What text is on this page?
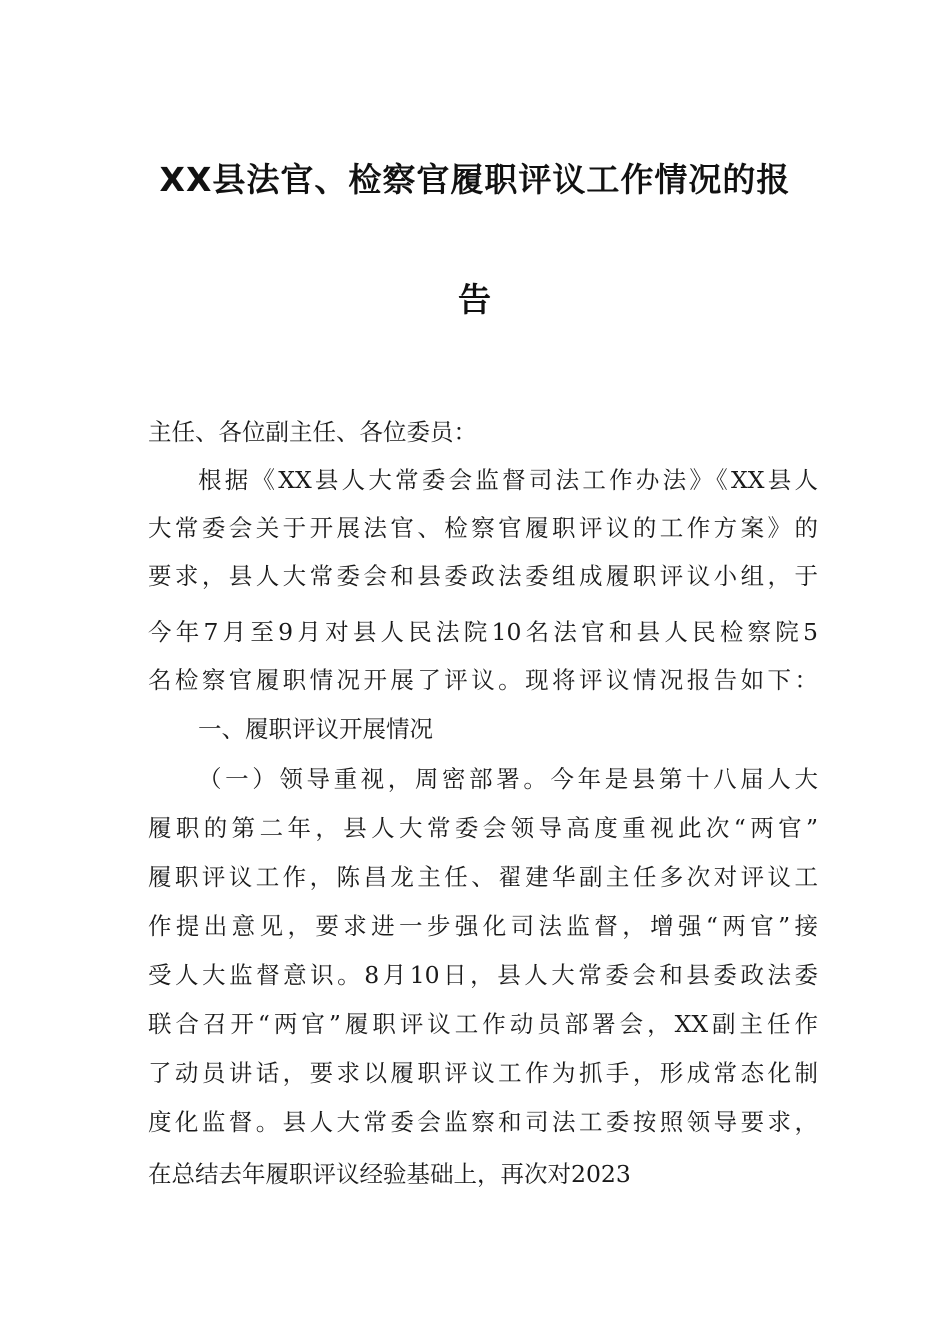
XX县法官、检察官履职评议工作情况的报
告
主任、各位副主任、各位委员：
根据《XX县人大常委会监督司法工作办法》《XX县人
大常委会关于开展法官、检察官履职评议的工作方案》的
要求，县人大常委会和县委政法委组成履职评议小组，于
今年7月至9月对县人民法院10名法官和县人民检察院5
名检察官履职情况开展了评议。现将评议情况报告如下：
一、履职评议开展情况
（一）领导重视，周密部署。今年是县第十八届人大
履职的第二年，县人大常委会领导高度重视此次“两官”
履职评议工作，陈昌龙主任、翟建华副主任多次对评议工
作提出意见，要求进一步强化司法监督，增强“两官”接
受人大监督意识。8月10日，县人大常委会和县委政法委
联合召开“两官”履职评议工作动员部署会，XX副主任作
了动员讲话，要求以履职评议工作为抓手，形成常态化制
度化监督。县人大常委会监察和司法工委按照领导要求，
在总结去年履职评议经验基础上，再次对2023
